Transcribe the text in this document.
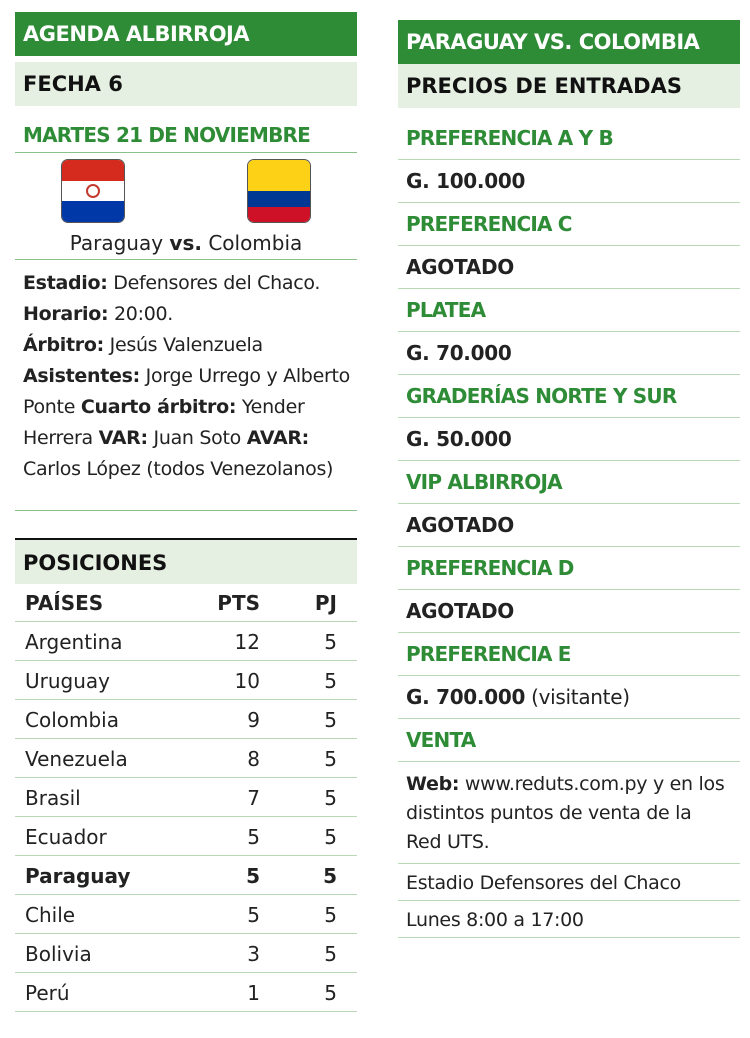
AGENDA ALBIRROJA
FECHA 6
MARTES 21 DE NOVIEMBRE
Paraguay vs. Colombia
Estadio: Defensores del Chaco. Horario: 20:00.
Árbitro: Jesús Valenzuela Asistentes: Jorge Urrego y Alberto Ponte Cuarto árbitro: Yender Herrera VAR: Juan Soto AVAR: Carlos López (todos Venezolanos)
POSICIONES
PAÍSES	PTS	PJ
Argentina	12	5
Uruguay	10	5
Colombia	9	5
Venezuela	8	5
Brasil	7	5
Ecuador	5	5
Paraguay	5	5
Chile	5	5
Bolivia	3	5
Perú	1	5
PARAGUAY VS. COLOMBIA
PRECIOS DE ENTRADAS
PREFERENCIA A Y B
G. 100.000
PREFERENCIA C
AGOTADO
PLATEA
G. 70.000
GRADERÍAS NORTE Y SUR
G. 50.000
VIP ALBIRROJA
AGOTADO
PREFERENCIA D
AGOTADO
PREFERENCIA E
G. 700.000 (visitante)
VENTA
Web: www.reduts.com.py y en los distintos puntos de venta de la Red UTS.
Estadio Defensores del Chaco
Lunes 8:00 a 17:00
